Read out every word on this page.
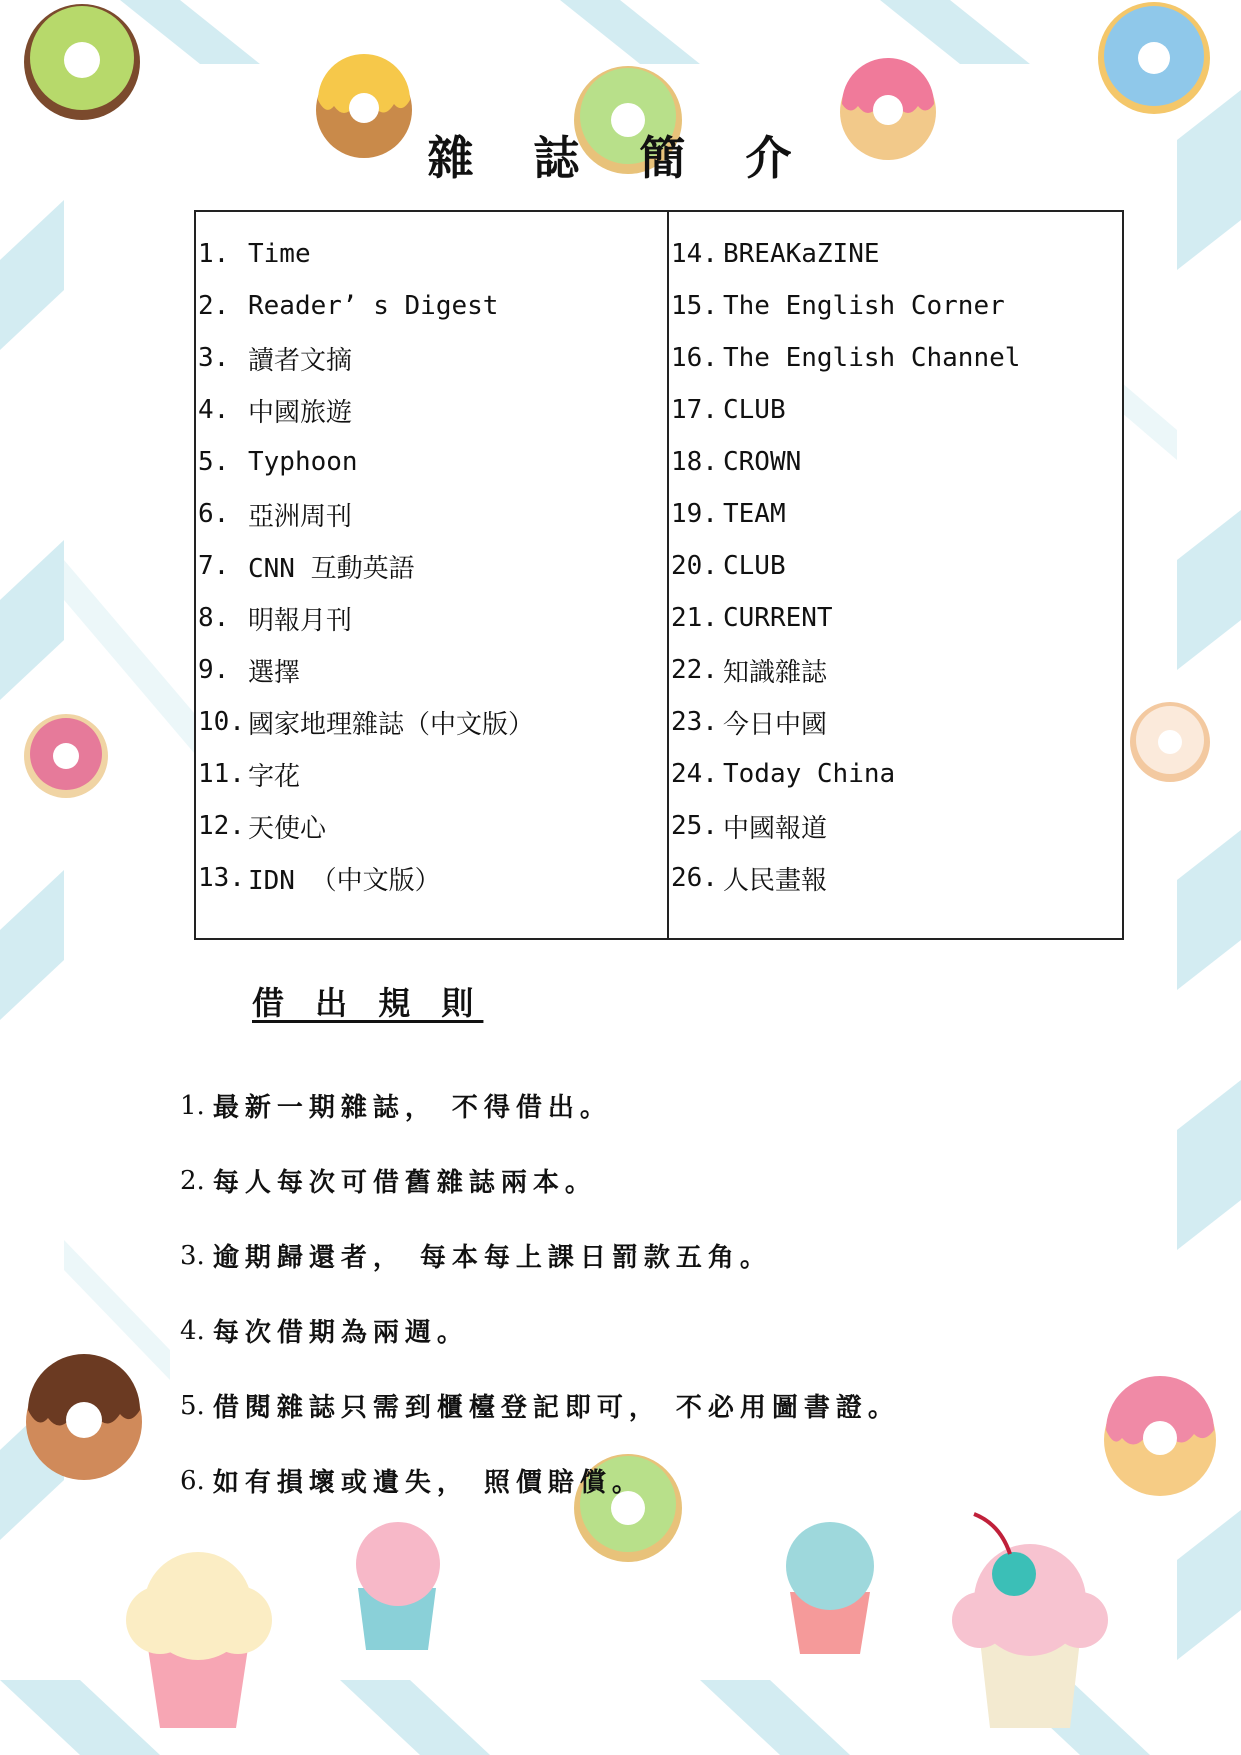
雜 誌 簡 介
1. Time
2. Reader’ s Digest
3. 讀者文摘
4. 中國旅遊
5. Typhoon
6. 亞洲周刊
7. CNN 互動英語
8. 明報月刊
9. 選擇
10. 國家地理雜誌（中文版）
11. 字花
12. 天使心
13. IDN （中文版）
14. BREAKaZINE
15. The English Corner
16. The English Channel
17. CLUB
18. CROWN
19. TEAM
20. CLUB
21. CURRENT
22. 知識雜誌
23. 今日中國
24. Today China
25. 中國報道
26. 人民畫報
借 出 規 則
1. 最新一期雜誌， 不得借出。
2. 每人每次可借舊雜誌兩本。
3. 逾期歸還者， 每本每上課日罰款五角。
4. 每次借期為兩週。
5. 借閱雜誌只需到櫃檯登記即可， 不必用圖書證。
6. 如有損壞或遺失， 照價賠償。
